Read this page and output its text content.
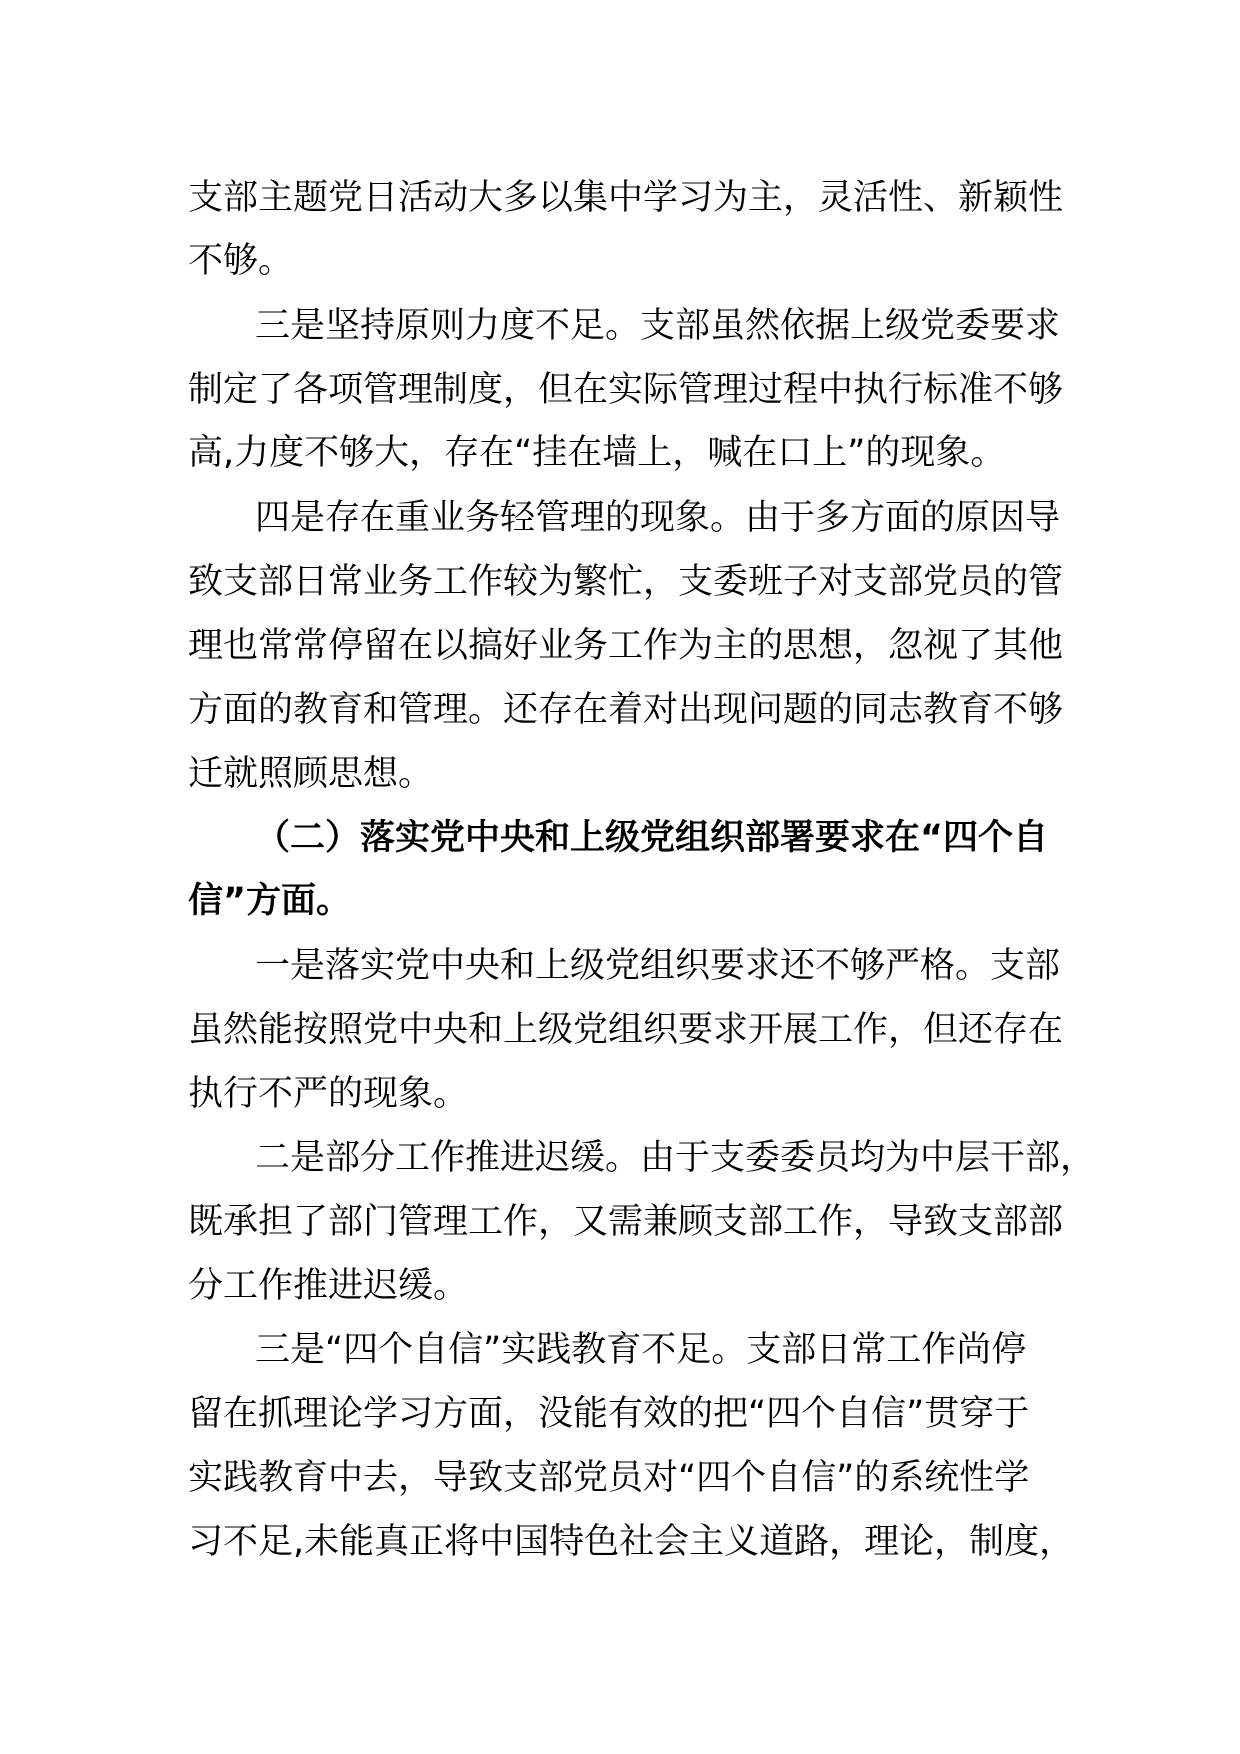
支部主题党日活动大多以集中学习为主，灵活性、新颖性
不够。
三是坚持原则力度不足。支部虽然依据上级党委要求
制定了各项管理制度，但在实际管理过程中执行标准不够
高,力度不够大，存在“挂在墙上，喊在口上”的现象。
四是存在重业务轻管理的现象。由于多方面的原因导
致支部日常业务工作较为繁忙，支委班子对支部党员的管
理也常常停留在以搞好业务工作为主的思想，忽视了其他
方面的教育和管理。还存在着对出现问题的同志教育不够
迁就照顾思想。
（二）落实党中央和上级党组织部署要求在“四个自
信”方面。
一是落实党中央和上级党组织要求还不够严格。支部
虽然能按照党中央和上级党组织要求开展工作，但还存在
执行不严的现象。
二是部分工作推进迟缓。由于支委委员均为中层干部，
既承担了部门管理工作，又需兼顾支部工作，导致支部部
分工作推进迟缓。
三是“四个自信”实践教育不足。支部日常工作尚停
留在抓理论学习方面，没能有效的把“四个自信”贯穿于
实践教育中去，导致支部党员对“四个自信”的系统性学
习不足,未能真正将中国特色社会主义道路，理论，制度，
